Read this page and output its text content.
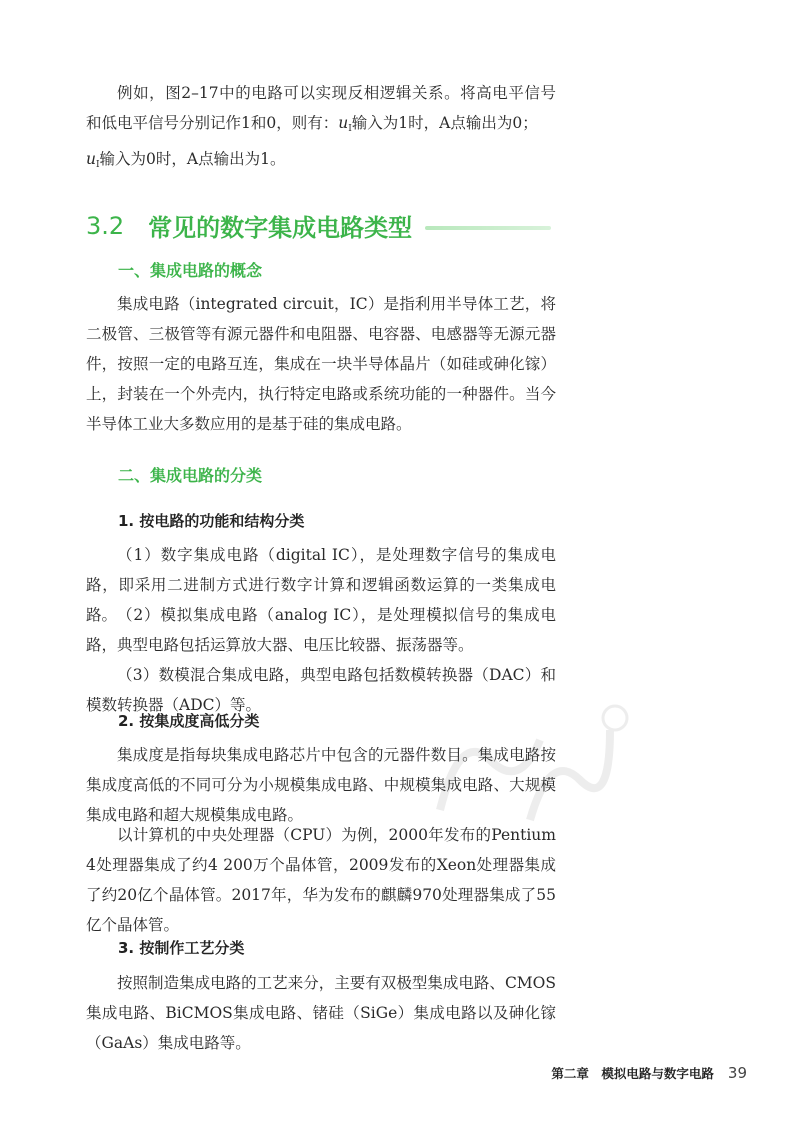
例如，图2–17中的电路可以实现反相逻辑关系。将高电平信号和低电平信号分别记作1和0，则有：$u_I$输入为1时，A点输出为0；
$u_I$输入为0时，A点输出为1。

3.2 常见的数字集成电路类型
一、集成电路的概念

集成电路（integrated circuit，IC）是指利用半导体工艺，将二极管、三极管等有源元器件和电阻器、电容器、电感器等无源元器件，按照一定的电路互连，集成在一块半导体晶片（如硅或砷化镓）上，封装在一个外壳内，执行特定电路或系统功能的一种器件。当今半导体工业大多数应用的是基于硅的集成电路。

二、集成电路的分类
1. 按电路的功能和结构分类

（1）数字集成电路（digital IC），是处理数字信号的集成电路，即采用二进制方式进行数字计算和逻辑函数运算的一类集成电路。 （2）模拟集成电路（analog IC），是处理模拟信号的集成电路，典型电路包括运算放大器、电压比较器、振荡器等。

（3）数模混合集成电路，典型电路包括数模转换器（DAC）和模数转换器（ADC）等。

2. 按集成度高低分类

集成度是指每块集成电路芯片中包含的元器件数目。集成电路按集成度高低的不同可分为小规模集成电路、中规模集成电路、大规模集成电路和超大规模集成电路。

以计算机的中央处理器（CPU）为例，2000年发布的Pentium 4处理器集成了约4 200万个晶体管，2009发布的Xeon处理器集成了约20亿个晶体管。2017年，华为发布的麒麟970处理器集成了55亿个晶体管。

3. 按制作工艺分类

按照制造集成电路的工艺来分，主要有双极型集成电路、CMOS集成电路、BiCMOS集成电路、锗硅（SiGe）集成电路以及砷化镓（GaAs）集成电路等。

第二章　模拟电路与数字电路 39
